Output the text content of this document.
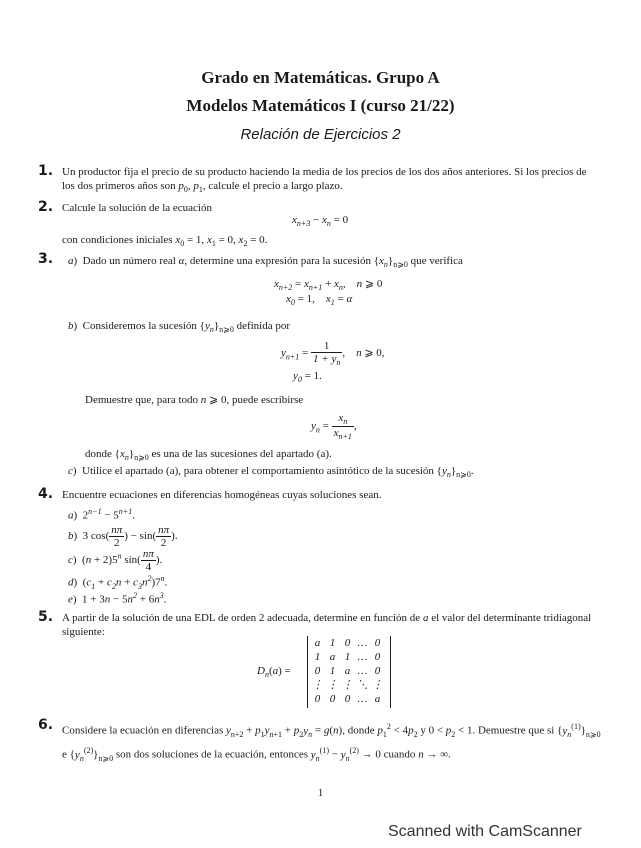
Grado en Matemáticas. Grupo A
Modelos Matemáticos I (curso 21/22)
Relación de Ejercicios 2
1. Un productor fija el precio de su producto haciendo la media de los precios de los dos años anteriores. Si los precios de los dos primeros años son $p_0$, $p_1$, calcule el precio a largo plazo.
2. Calcule la solución de la ecuación
$x_{n+3} - x_n = 0$
con condiciones iniciales $x_0 = 1$, $x_1 = 0$, $x_2 = 0$.
3. a)  Dado un número real α, determine una expresión para la sucesión $\{x_n\}_{n⩾0}$ que verifica
$x_{n+2} = x_{n+1} + x_n$,    n ⩾ 0
$x_0 = 1$,    $x_1 = \alpha$
b)  Consideremos la sucesión $\{y_n\}_{n⩾0}$ definida por
$y_{n+1} = \frac{1}{1 + y_n}$ ,    n ⩾ 0,
$y_0 = 1$.
Demuestre que, para todo n ⩾ 0, puede escribirse
$y_n = \frac{x_n}{x_{n+1}}$ ,
donde $\{x_n\}_{n⩾0}$ es una de las sucesiones del apartado (a).
c)  Utilice el apartado (a), para obtener el comportamiento asintótico de la sucesión $\{y_n\}_{n⩾0}$.
4. Encuentre ecuaciones en diferencias homogéneas cuyas soluciones sean.
a)  $2^{n-1} - 5^{n+1}$.
b)  3 $\cos( \frac{n\pi}{2}$ ) − $\sin( \frac{n\pi}{2}$ ).
c)  $(n + 2)5^n$ $\sin( \frac{n\pi}{4}$ ).
d)  $(c_1 + c_2n + c_3n^2)7^n$.
e)  $1 + 3n - 5n^2 + 6n^3$.
5. A partir de la solución de una EDL de orden 2 adecuada, determine en función de a el valor del determinante tridiagonal siguiente:
$D_n(a)$ =
a	1	0	…	0
1	a	1	…	0
0	1	a	…	0
⋮	⋮	⋮	⋱	⋮
0	0	0	…	a
6. Considere la ecuación en diferencias $y_{n+2} + p_1y_{n+1} + p_2y_n = g(n)$, donde $p_1^2 < 4p_2$ y $0 < p_2 < 1$. Demuestre que si $\{y_n^{(1)}\}_{n⩾0}$ e $\{y_n^{(2)}\}_{n⩾0}$ son dos soluciones de la ecuación, entonces $y_n^{(1)} - y_n^{(2)} \to 0$ cuando n → ∞.
1
Scanned with CamScanner
